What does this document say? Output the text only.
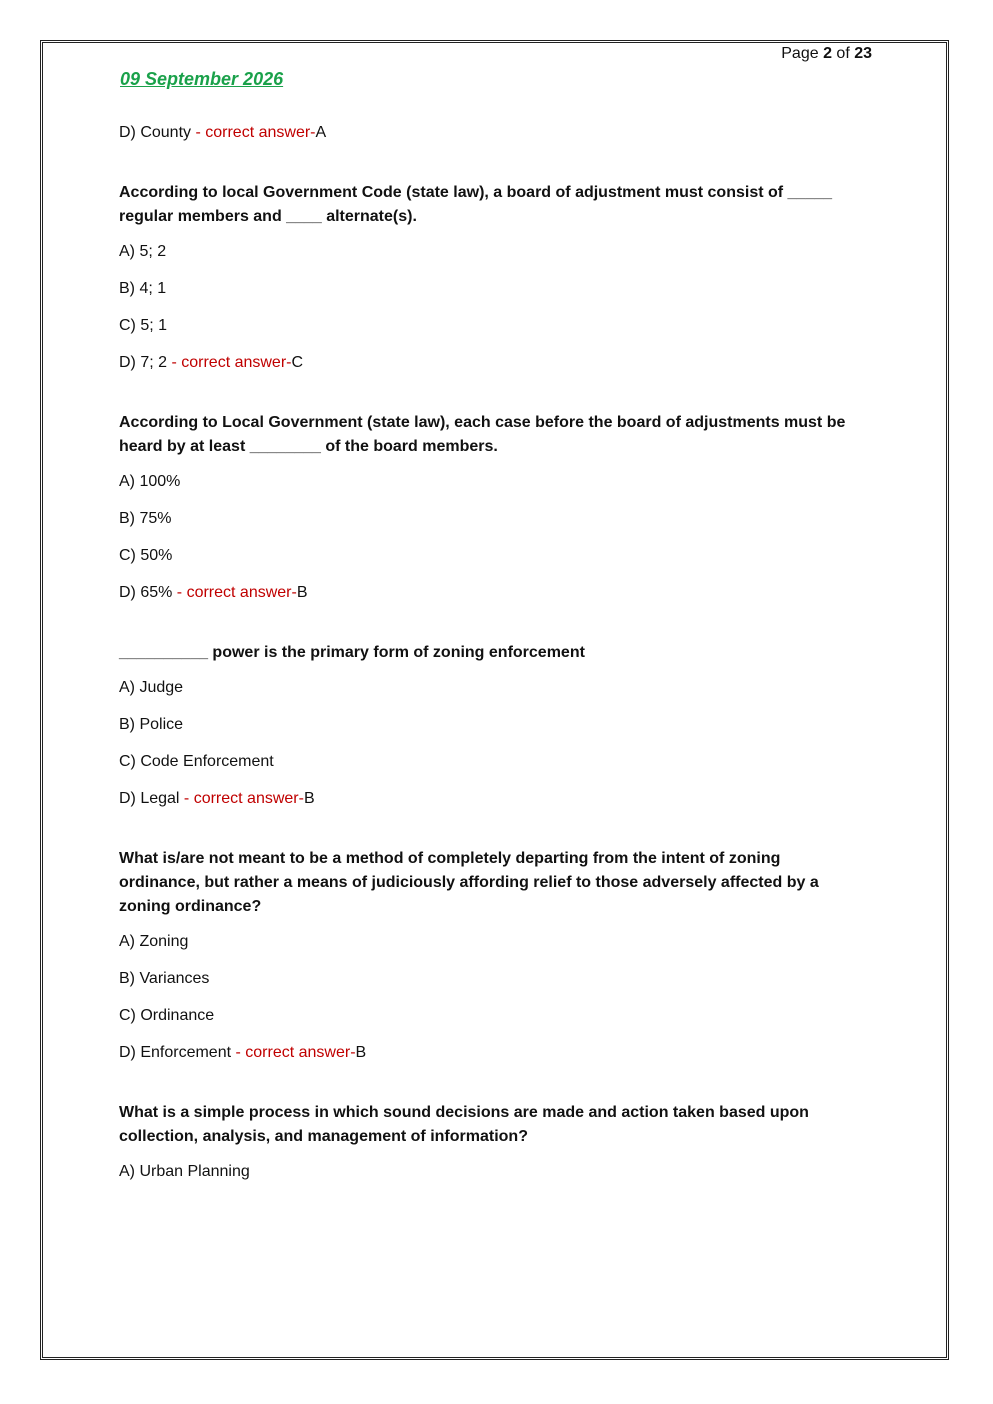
Page 2 of 23
09 September 2026
D) County - correct answer-A
According to local Government Code (state law), a board of adjustment must consist of _____ regular members and ____ alternate(s).
A) 5; 2
B) 4; 1
C) 5; 1
D) 7; 2 - correct answer-C
According to Local Government (state law), each case before the board of adjustments must be heard by at least ________ of the board members.
A) 100%
B) 75%
C) 50%
D) 65% - correct answer-B
__________ power is the primary form of zoning enforcement
A) Judge
B) Police
C) Code Enforcement
D) Legal - correct answer-B
What is/are not meant to be a method of completely departing from the intent of zoning ordinance, but rather a means of judiciously affording relief to those adversely affected by a zoning ordinance?
A) Zoning
B) Variances
C) Ordinance
D) Enforcement - correct answer-B
What is a simple process in which sound decisions are made and action taken based upon collection, analysis, and management of information?
A) Urban Planning
